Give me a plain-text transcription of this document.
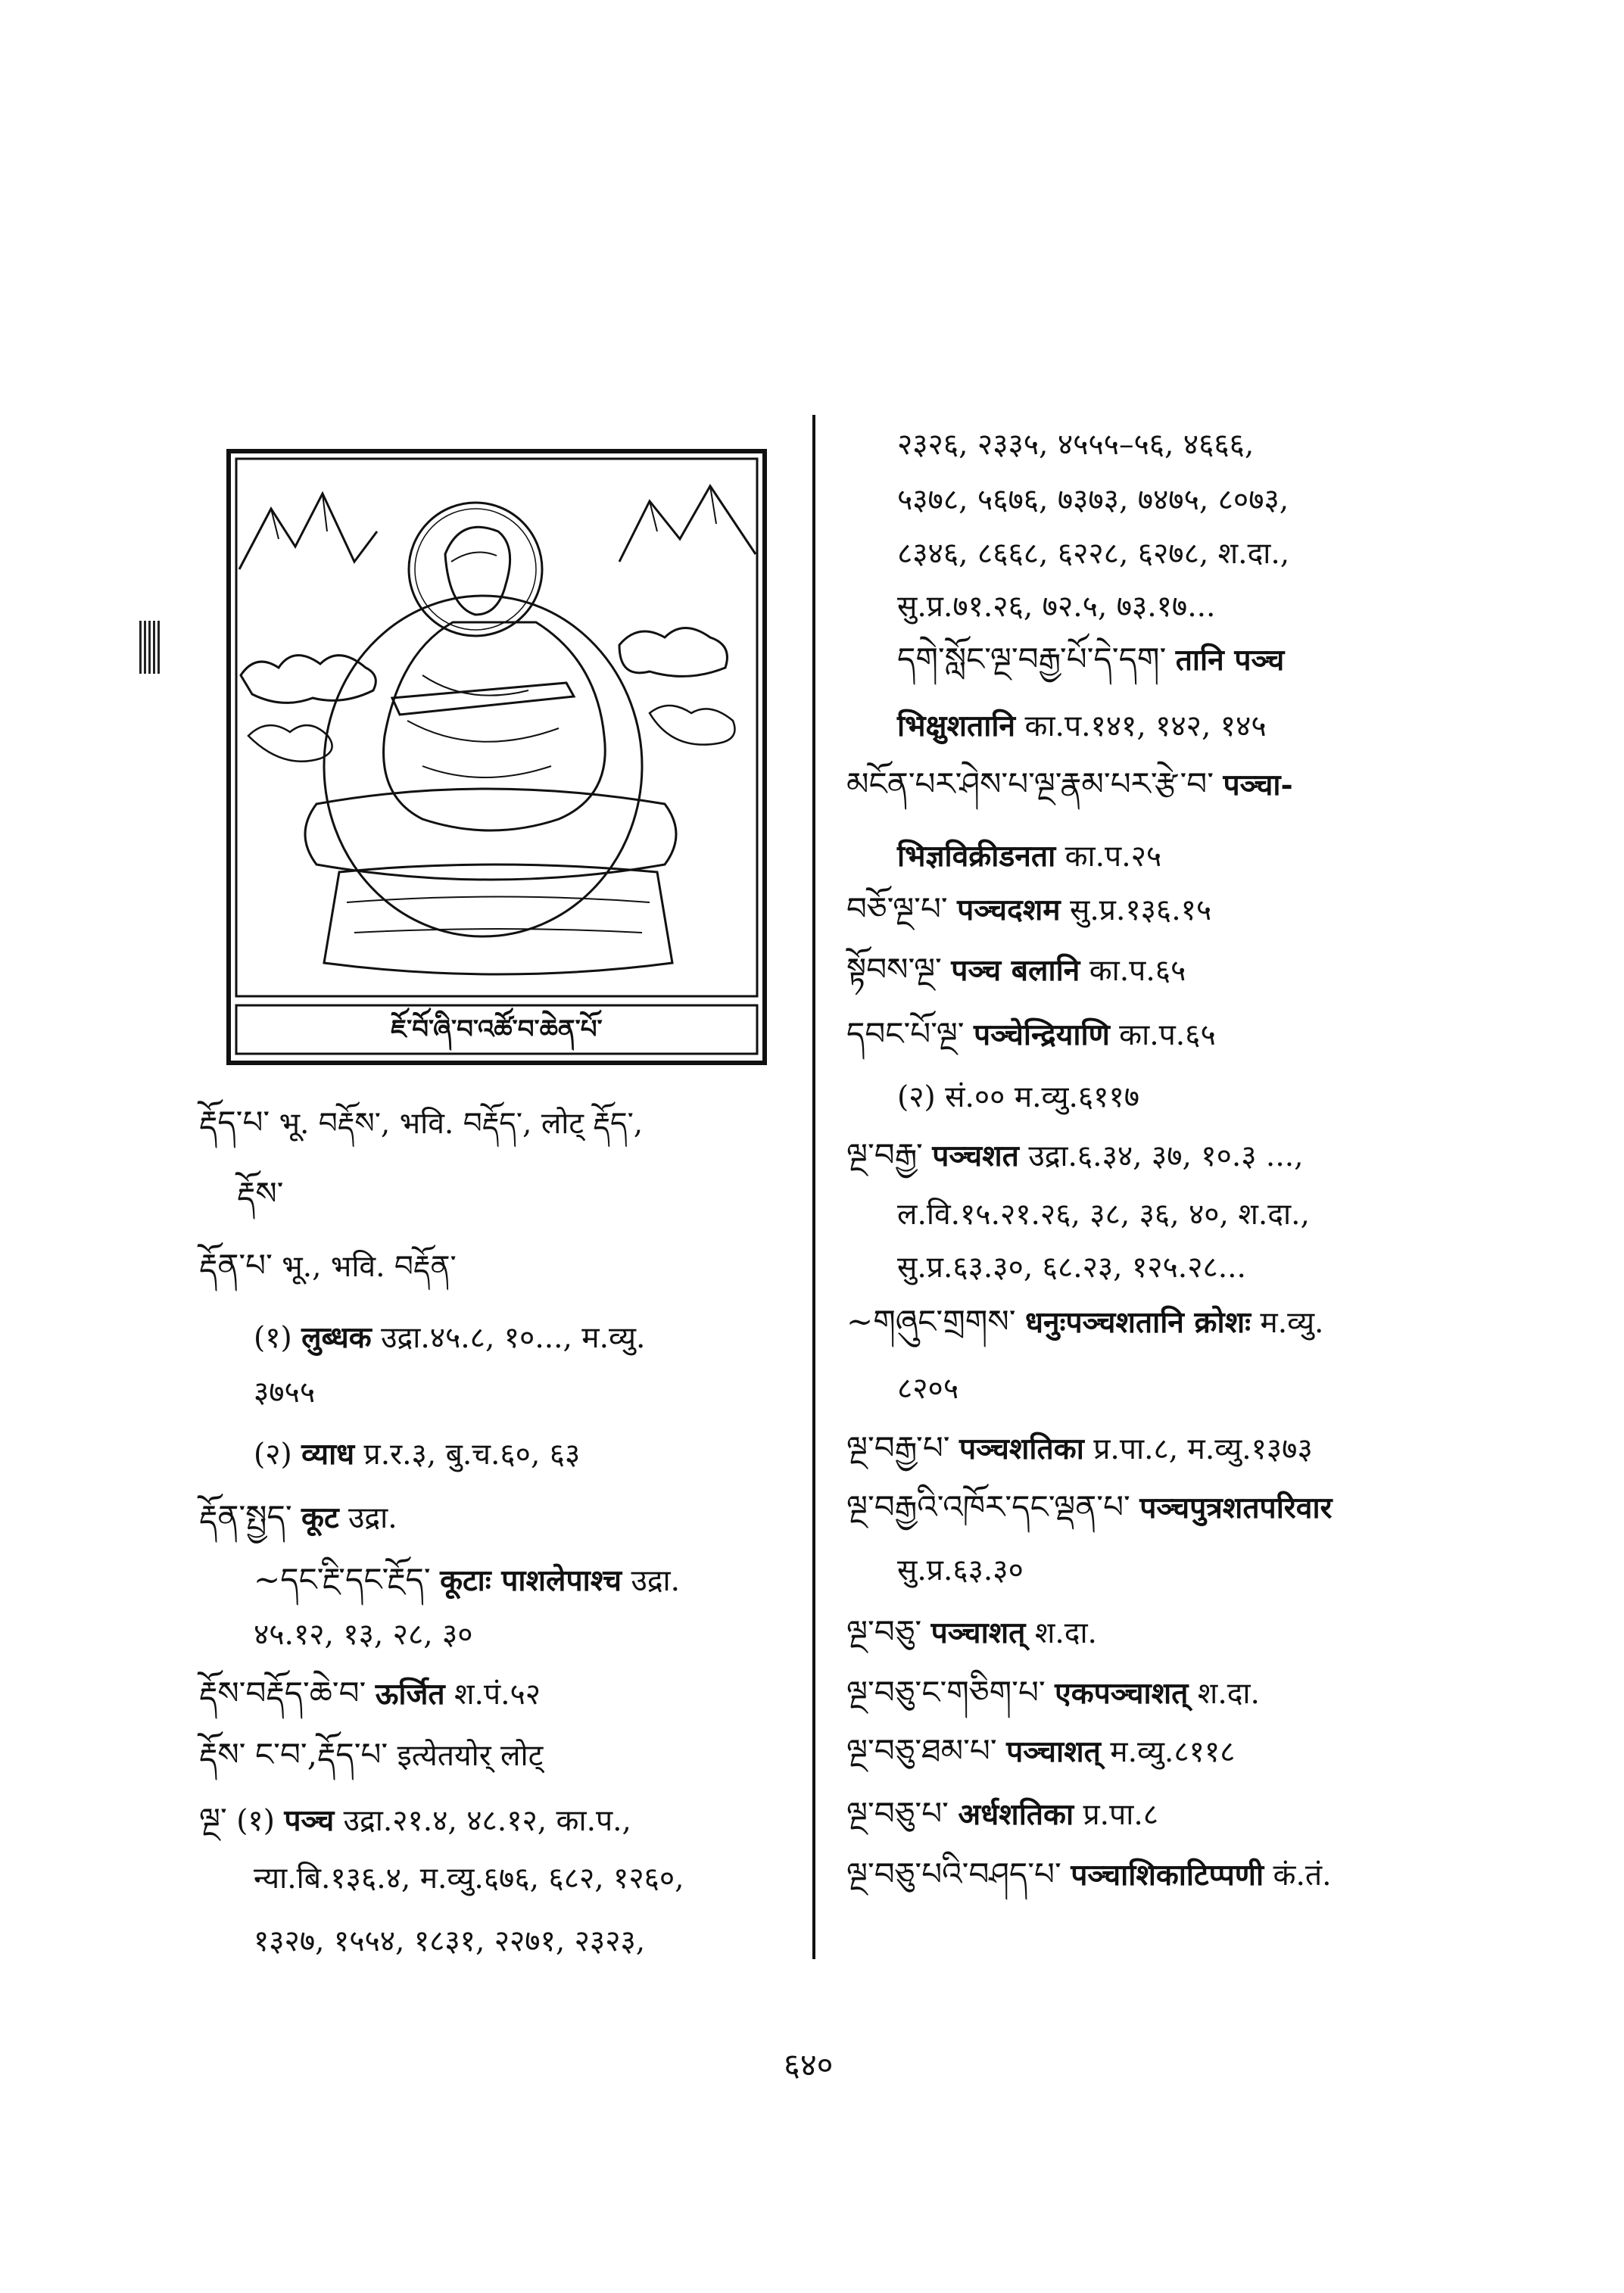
ཇོ་བོ་ཞི་བ་འཚོ་བ་ཆེན་པོ་
རྡོད་པ་ भू. བརྡོས་, भवि. བརྡོད་, लोट् རྡོད་,
རྡོས་
རྡོན་པ་ भू., भवि. བརྡོན་
(१) लुब्धक उद्रा.४५.८, १०..., म.व्यु.
३७५५
(२) व्याध प्र.र.३, बु.च.६०, ६३
རྡོན་སྤྱད་ कूट उद्रा.
~དང་རྔི་དང་རྔོད་ कूटाः पाशलेपाश्च उद्रा.
४५.१२, १३, २८, ३०
རྡོས་བརྡོད་ཆེ་བ་ ऊर्जित श.पं.५२
རྡོས་ ང་བ་,རྡོད་པ་ इत्येतयोर् लोट्
ལྔ་ (१) पञ्च उद्रा.२१.४, ४८.१२, का.प.,
न्या.बि.१३६.४, म.व्यु.६७६, ६८२, १२६०,
१३२७, १५५४, १८३१, २२७१, २३२३,
२३२६, २३३५, ४५५५–५६, ४६६६,
५३७८, ५६७६, ७३७३, ७४७५, ८०७३,
८३४६, ८६६८, ६२२८, ६२७८, श.दा.,
सु.प्र.७१.२६, ७२.५, ७३.१७...
དགེ་སློང་ལྔ་བརྒྱ་པོ་དེ་དག་ तानि पञ्च
भिक्षुशतानि का.प.१४१, १४२, १४५
མངོན་པར་ཤེས་པ་ལྔ་རྣམ་པར་རྩེ་བ་ पञ्चा-
भिज्ञविक्रीडनता का.प.२५
བཅོ་ལྔ་པ་ पञ्चदशम सु.प्र.१३६.१५
སྟོབས་ལྔ་ पञ्च बलानि का.प.६५
དབང་པོ་ལྔ་ पञ्चेन्द्रियाणि का.प.६५
(२) सं.०० म.व्यु.६११७
ལྔ་བརྒྱ་ पञ्चशत उद्रा.६.३४, ३७, १०.३ ...,
ल.वि.१५.२१.२६, ३८, ३६, ४०, श.दा.,
सु.प्र.६३.३०, ६८.२३, १२५.२८...
~གཞུང་གྲགས་ धनुःपञ्चशतानि क्रोशः म.व्यु.
८२०५
ལྔ་བརྒྱ་པ་ पञ्चशतिका प्र.पा.८, म.व्यु.१३७३
ལྔ་བརྒྱའི་འཁོར་དང་ལྡན་པ་ पञ्चपुत्रशतपरिवार
सु.प्र.६३.३०
ལྔ་བཅུ་ पञ्चाशत् श.दा.
ལྔ་བཅུ་ང་གཅིག་པ་ एकपञ्चाशत् श.दा.
ལྔ་བཅུ་ཐམ་པ་ पञ्चाशत् म.व्यु.८११८
ལྔ་བཅུ་པ་ अर्धशतिका प्र.पा.८
ལྔ་བཅུ་པའི་བཤད་པ་ पञ्चाशिकाटिप्पणी कं.तं.
६४०
